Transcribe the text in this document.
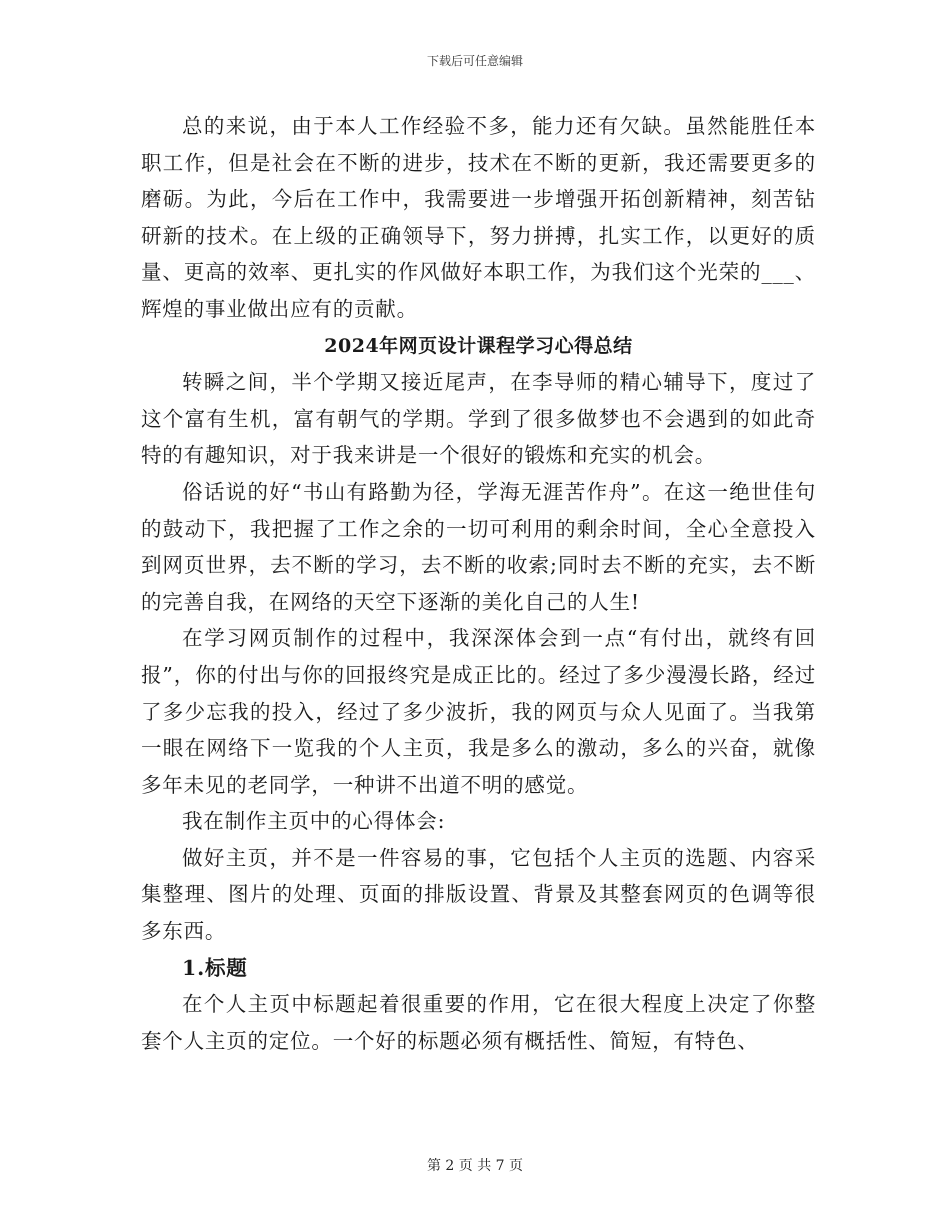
下载后可任意编辑

总的来说，由于本人工作经验不多，能力还有欠缺。虽然能胜任本职工作，但是社会在不断的进步，技术在不断的更新，我还需要更多的磨砺。为此，今后在工作中，我需要进一步增强开拓创新精神，刻苦钻研新的技术。在上级的正确领导下，努力拼搏，扎实工作，以更好的质量、更高的效率、更扎实的作风做好本职工作，为我们这个光荣的___、辉煌的事业做出应有的贡献。

2024年网页设计课程学习心得总结

转瞬之间，半个学期又接近尾声，在李导师的精心辅导下，度过了这个富有生机，富有朝气的学期。学到了很多做梦也不会遇到的如此奇特的有趣知识，对于我来讲是一个很好的锻炼和充实的机会。

俗话说的好“书山有路勤为径，学海无涯苦作舟”。在这一绝世佳句的鼓动下，我把握了工作之余的一切可利用的剩余时间，全心全意投入到网页世界，去不断的学习，去不断的收索;同时去不断的充实，去不断的完善自我，在网络的天空下逐渐的美化自己的人生!

在学习网页制作的过程中，我深深体会到一点“有付出，就终有回报”，你的付出与你的回报终究是成正比的。经过了多少漫漫长路，经过了多少忘我的投入，经过了多少波折，我的网页与众人见面了。当我第一眼在网络下一览我的个人主页，我是多么的激动，多么的兴奋，就像多年未见的老同学，一种讲不出道不明的感觉。

我在制作主页中的心得体会:

做好主页，并不是一件容易的事，它包括个人主页的选题、内容采集整理、图片的处理、页面的排版设置、背景及其整套网页的色调等很多东西。

1.标题

在个人主页中标题起着很重要的作用，它在很大程度上决定了你整套个人主页的定位。一个好的标题必须有概括性、简短，有特色、

第 2 页 共 7 页
